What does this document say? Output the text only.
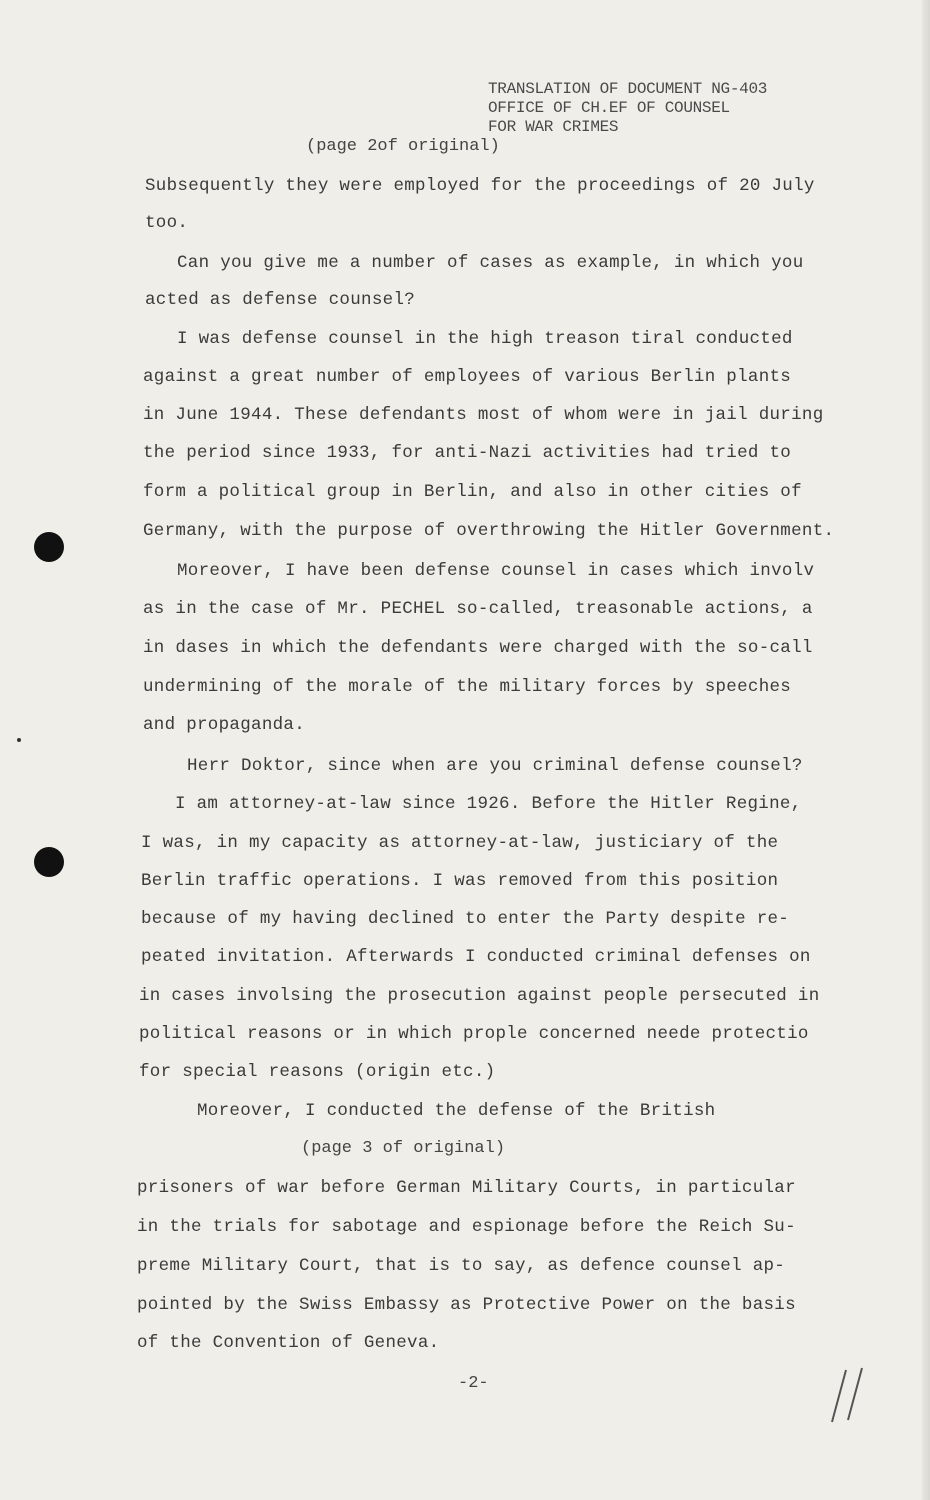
TRANSLATION OF DOCUMENT NG-403
OFFICE OF CH.EF OF COUNSEL
FOR WAR CRIMES
(page 2of original)
Subsequently they were employed for the proceedings of 20 July
too.
Can you give me a number of cases as example, in which you
acted as defense counsel?
I was defense counsel in the high treason tiral conducted
against a great number of employees of various Berlin plants
in June 1944. These defendants most of whom were in jail during
the period since 1933, for anti-Nazi activities had tried to
form a political group in Berlin, and also in other cities of
Germany, with the purpose of overthrowing the Hitler Government.
Moreover, I have been defense counsel in cases which involv
as in the case of Mr. PECHEL so-called, treasonable actions, a
in dases in which the defendants were charged with the so-call
undermining of the morale of the military forces by speeches
and propaganda.
Herr Doktor, since when are you criminal defense counsel?
I am attorney-at-law since 1926. Before the Hitler Regine,
I was, in my capacity as attorney-at-law, justiciary of the
Berlin traffic operations. I was removed from this position
because of my having declined to enter the Party despite re-
peated invitation. Afterwards I conducted criminal defenses on
in cases involsing the prosecution against people persecuted in
political reasons or in which prople concerned neede protectio
for special reasons (origin etc.)
Moreover, I conducted the defense of the British
(page 3 of original)
prisoners of war before German Military Courts, in particular
in the trials for sabotage and espionage before the Reich Su-
preme Military Court, that is to say, as defence counsel ap-
pointed by the Swiss Embassy as Protective Power on the basis
of the Convention of Geneva.
-2-
